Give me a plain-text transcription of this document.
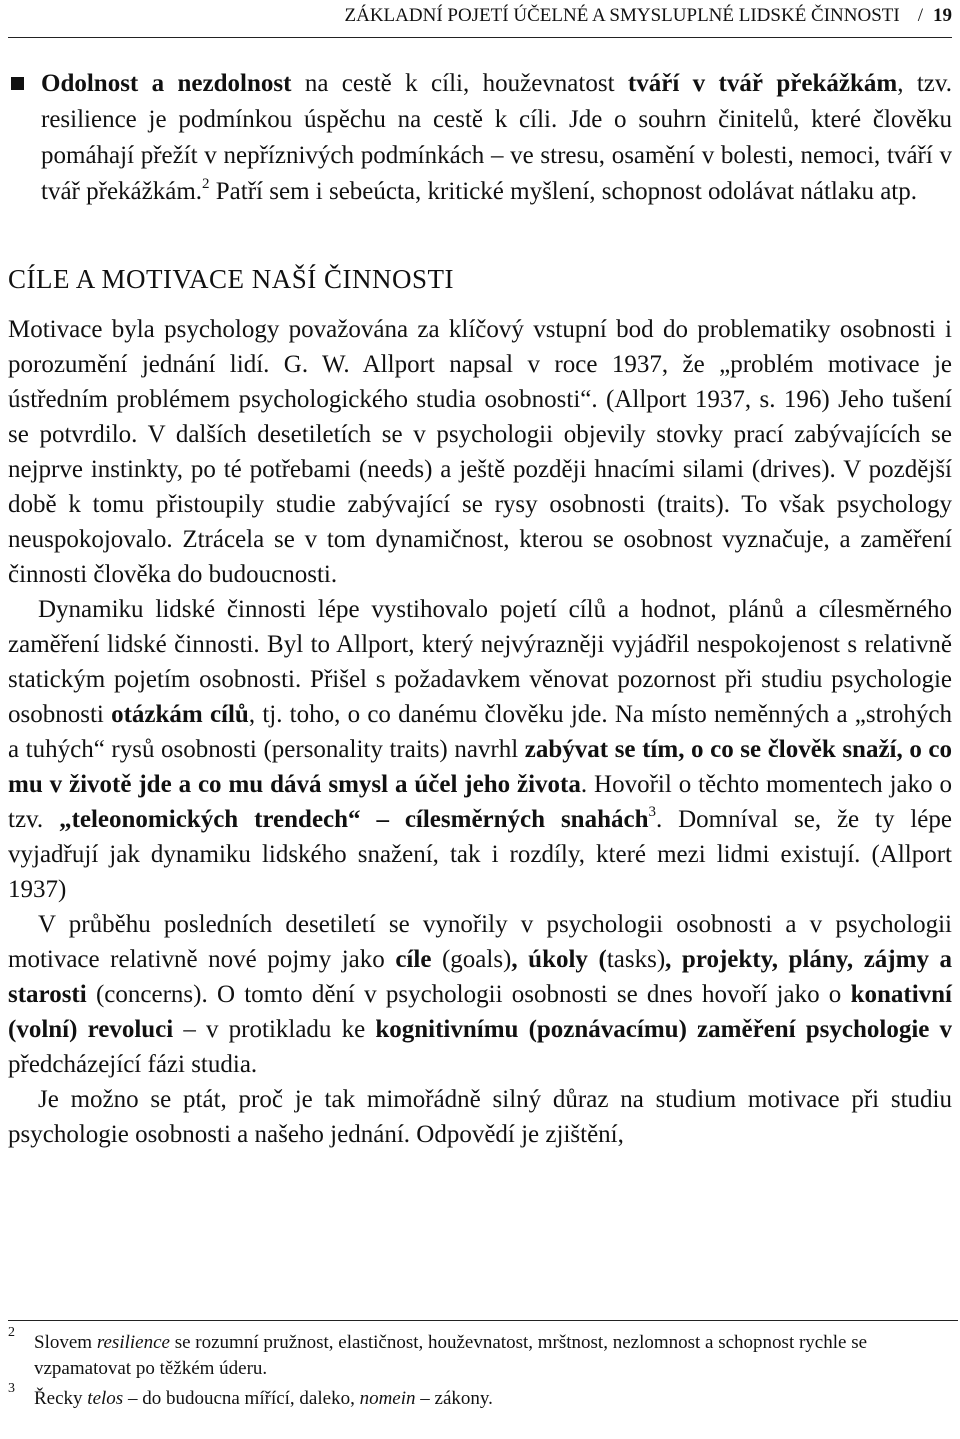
ZÁKLADNÍ POJETÍ ÚČELNÉ A SMYSLUPLNÉ LIDSKÉ ČINNOSTI / 19
Odolnost a nezdolnost na cestě k cíli, houževnatost tváří v tvář překážkám, tzv. resilience je podmínkou úspěchu na cestě k cíli. Jde o souhrn činitelů, které člověku pomáhají přežít v nepříznivých podmínkách – ve stresu, osamění v bolesti, nemoci, tváří v tvář překážkám.$^2$ Patří sem i sebeúcta, kritické myšlení, schopnost odolávat nátlaku atp.
CÍLE A MOTIVACE NAŠÍ ČINNOSTI

Motivace byla psychology považována za klíčový vstupní bod do problematiky osobnosti i porozumění jednání lidí. G. W. Allport napsal v roce 1937, že „problém motivace je ústředním problémem psychologického studia osobnosti“. (Allport 1937, s. 196) Jeho tušení se potvrdilo. V dalších desetiletích se v psychologii objevily stovky prací zabývajících se nejprve instinkty, po té potřebami (needs) a ještě později hnacími silami (drives). V pozdější době k tomu přistoupily studie zabývající se rysy osobnosti (traits). To však psychology neuspokojovalo. Ztrácela se v tom dynamičnost, kterou se osobnost vyznačuje, a zaměření činnosti člověka do budoucnosti.

Dynamiku lidské činnosti lépe vystihovalo pojetí cílů a hodnot, plánů a cílesměrného zaměření lidské činnosti. Byl to Allport, který nejvýrazněji vyjádřil nespokojenost s relativně statickým pojetím osobnosti. Přišel s požadavkem věnovat pozornost při studiu psychologie osobnosti otázkám cílů, tj. toho, o co danému člověku jde. Na místo neměnných a „strohých a tuhých“ rysů osobnosti (personality traits) navrhl zabývat se tím, o co se člověk snaží, o co mu v životě jde a co mu dává smysl a účel jeho života. Hovořil o těchto momentech jako o tzv. „teleonomických trendech“ – cílesměrných snahách$^3$. Domníval se, že ty lépe vyjadřují jak dynamiku lidského snažení, tak i rozdíly, které mezi lidmi existují. (Allport 1937)

V průběhu posledních desetiletí se vynořily v psychologii osobnosti a v psychologii motivace relativně nové pojmy jako cíle (goals), úkoly (tasks), projekty, plány, zájmy a starosti (concerns). O tomto dění v psychologii osobnosti se dnes hovoří jako o konativní (volní) revoluci – v protikladu ke kognitivnímu (poznávacímu) zaměření psychologie v předcházející fázi studia.

Je možno se ptát, proč je tak mimořádně silný důraz na studium motivace při studiu psychologie osobnosti a našeho jednání. Odpovědí je zjištění,

2 Slovem resilience se rozumní pružnost, elastičnost, houževnatost, mrštnost, nezlomnost a schopnost rychle se vzpamatovat po těžkém úderu.
3 Řecky telos – do budoucna mířící, daleko, nomein – zákony.
